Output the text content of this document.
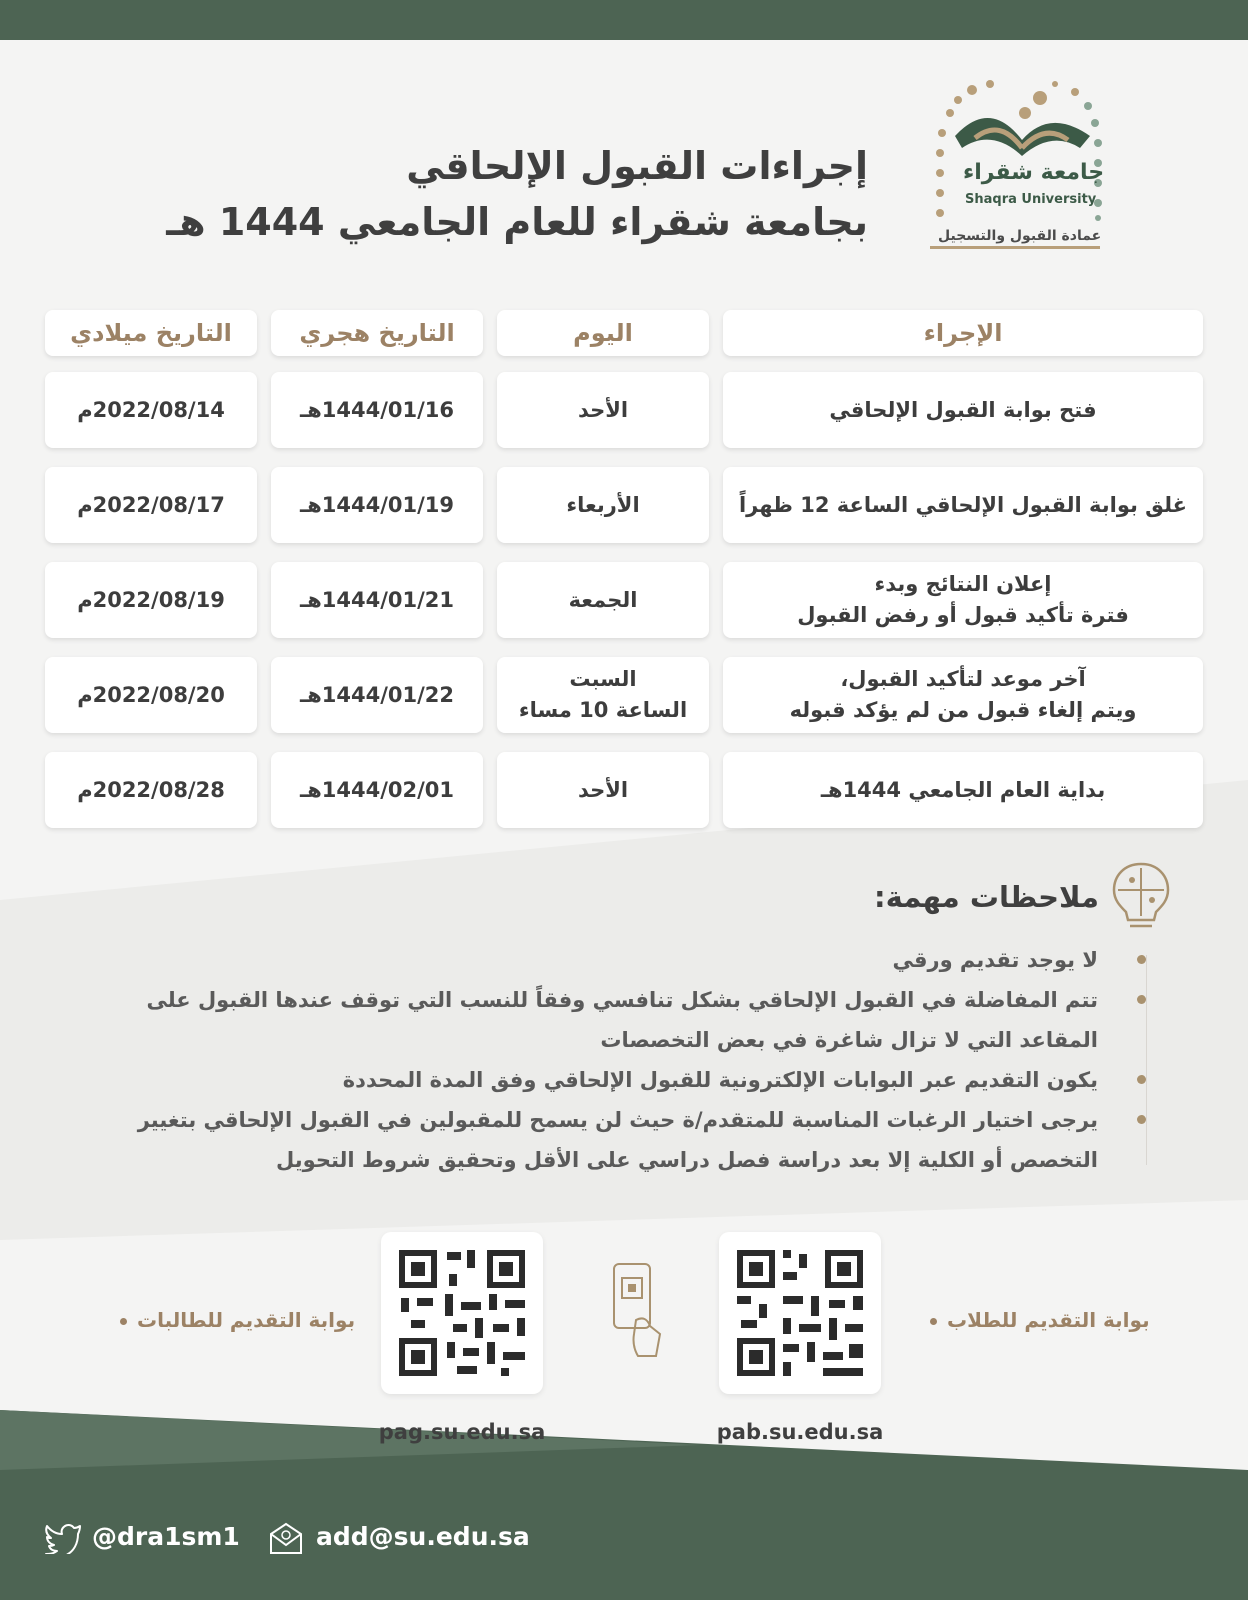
إجراءات القبول الإلحاقي
بجامعة شقراء للعام الجامعي 1444 هـ
جامعة شقراء
Shaqra University
عمادة القبول والتسجيل
الإجراء
اليوم
التاريخ هجري
التاريخ ميلادي
فتح بوابة القبول الإلحاقي
الأحد
1444/01/16هـ
2022/08/14م
غلق بوابة القبول الإلحاقي الساعة 12 ظهراً
الأربعاء
1444/01/19هـ
2022/08/17م
إعلان النتائج وبدء
فترة تأكيد قبول أو رفض القبول
الجمعة
1444/01/21هـ
2022/08/19م
آخر موعد لتأكيد القبول،
ويتم إلغاء قبول من لم يؤكد قبوله
السبت
الساعة 10 مساء
1444/01/22هـ
2022/08/20م
بداية العام الجامعي 1444هـ
الأحد
1444/02/01هـ
2022/08/28م
ملاحظات مهمة:
لا يوجد تقديم ورقي
تتم المفاضلة في القبول الإلحاقي بشكل تنافسي وفقاً للنسب التي توقف عندها القبول على المقاعد التي لا تزال شاغرة في بعض التخصصات
يكون التقديم عبر البوابات الإلكترونية للقبول الإلحاقي وفق المدة المحددة
يرجى اختيار الرغبات المناسبة للمتقدم/ة حيث لن يسمح للمقبولين في القبول الإلحاقي بتغيير التخصص أو الكلية إلا بعد دراسة فصل دراسي على الأقل وتحقيق شروط التحويل
بوابة التقديم للطلاب
بوابة التقديم للطالبات
pab.su.edu.sa
pag.su.edu.sa
add@su.edu.sa
@dra1sm1
